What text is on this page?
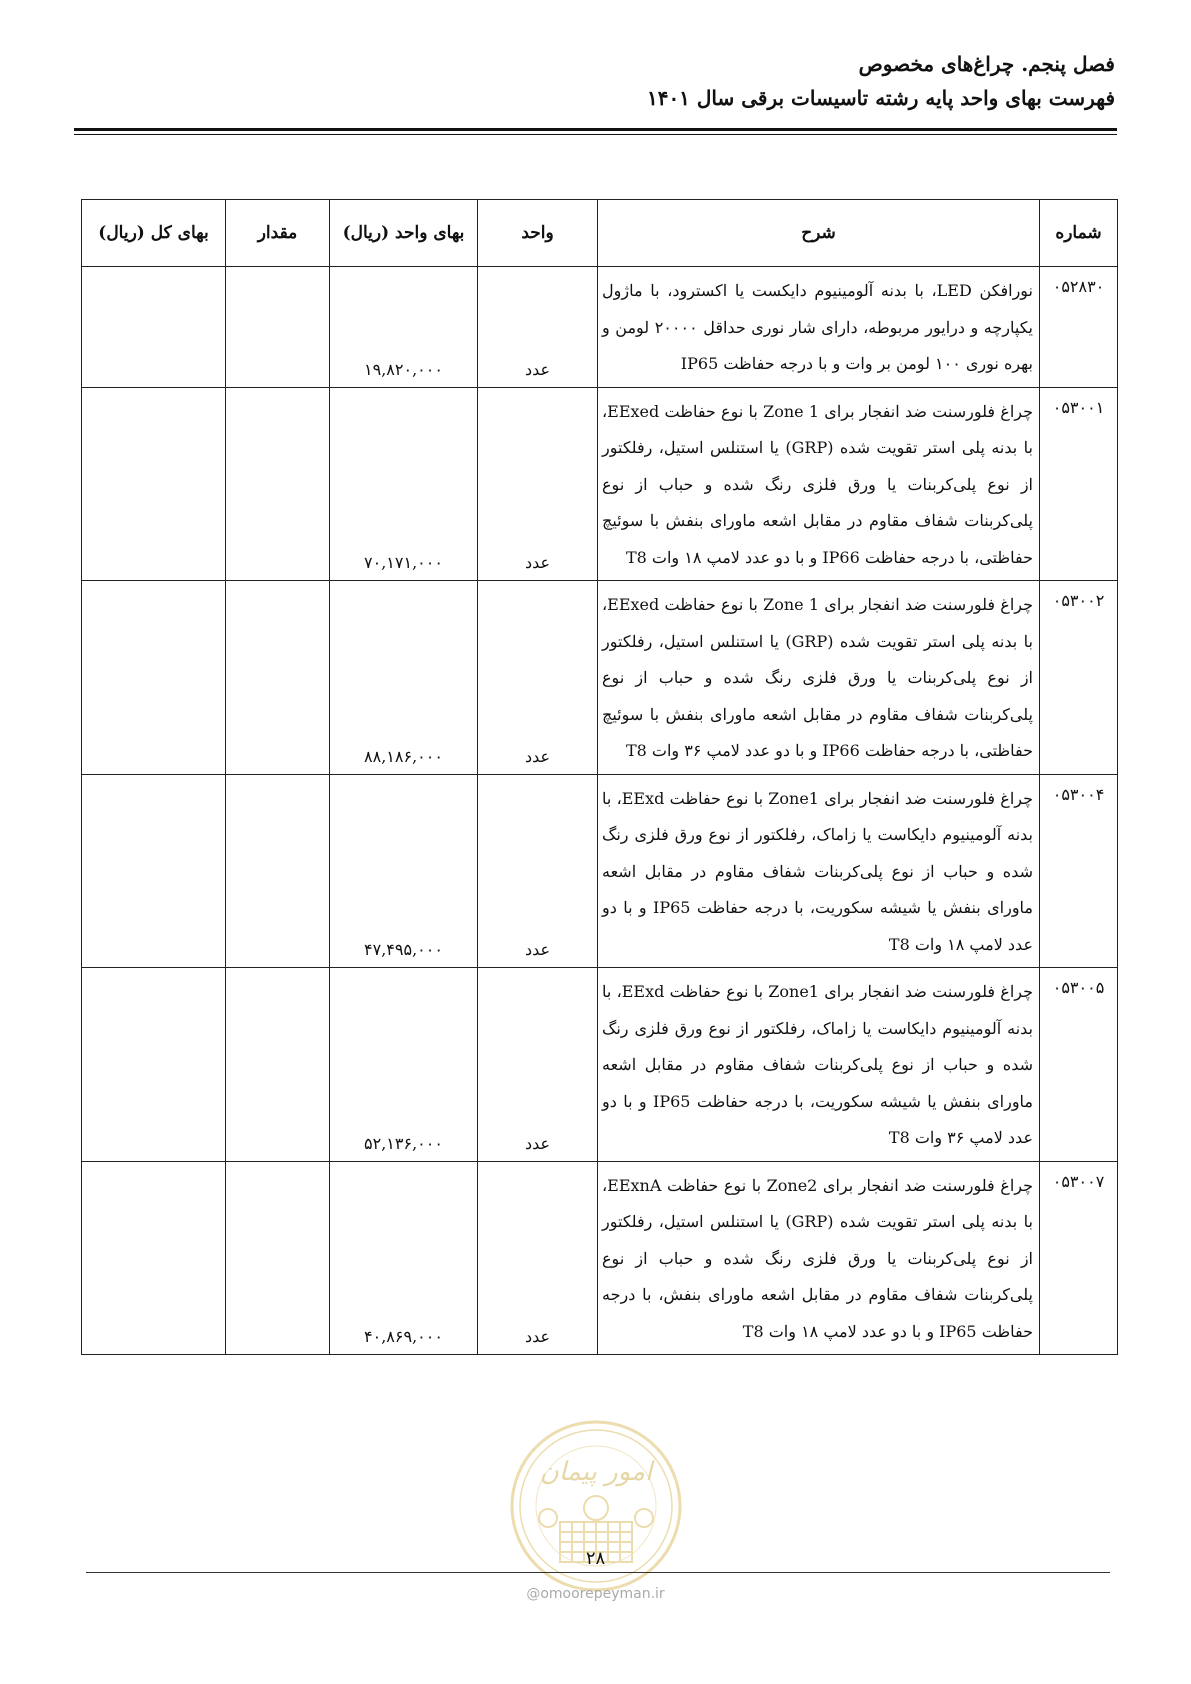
فصل پنجم. چراغ‌های مخصوص
فهرست بهای واحد پایه رشته تاسیسات برقی سال ۱۴۰۱
شماره	شرح	واحد	بهای واحد (ریال)	مقدار	بهای کل (ریال)
۰۵۲۸۳۰	نورافکن LED، با بدنه آلومینیوم دایکست یا اکسترود، با ماژول یکپارچه و درایور مربوطه، دارای شار نوری حداقل ۲۰۰۰۰ لومن و بهره نوری ۱۰۰ لومن بر وات و با درجه حفاظت IP65	عدد	۱۹,۸۲۰,۰۰۰		
۰۵۳۰۰۱	چراغ فلورسنت ضد انفجار برای Zone 1 با نوع حفاظت EExed، با بدنه پلی استر تقویت شده (GRP) یا استنلس استیل، رفلکتور از نوع پلی‌کربنات یا ورق فلزی رنگ شده و حباب از نوع پلی‌کربنات شفاف مقاوم در مقابل اشعه ماورای بنفش با سوئیچ حفاظتی، با درجه حفاظت IP66 و با دو عدد لامپ ۱۸ وات T8	عدد	۷۰,۱۷۱,۰۰۰		
۰۵۳۰۰۲	چراغ فلورسنت ضد انفجار برای Zone 1 با نوع حفاظت EExed، با بدنه پلی استر تقویت شده (GRP) یا استنلس استیل، رفلکتور از نوع پلی‌کربنات یا ورق فلزی رنگ شده و حباب از نوع پلی‌کربنات شفاف مقاوم در مقابل اشعه ماورای بنفش با سوئیچ حفاظتی، با درجه حفاظت IP66 و با دو عدد لامپ ۳۶ وات T8	عدد	۸۸,۱۸۶,۰۰۰		
۰۵۳۰۰۴	چراغ فلورسنت ضد انفجار برای Zone1 با نوع حفاظت EExd، با بدنه آلومینیوم دایکاست یا زاماک، رفلکتور از نوع ورق فلزی رنگ شده و حباب از نوع پلی‌کربنات شفاف مقاوم در مقابل اشعه ماورای بنفش یا شیشه سکوریت، با درجه حفاظت IP65 و با دو عدد لامپ ۱۸ وات T8	عدد	۴۷,۴۹۵,۰۰۰		
۰۵۳۰۰۵	چراغ فلورسنت ضد انفجار برای Zone1 با نوع حفاظت EExd، با بدنه آلومینیوم دایکاست یا زاماک، رفلکتور از نوع ورق فلزی رنگ شده و حباب از نوع پلی‌کربنات شفاف مقاوم در مقابل اشعه ماورای بنفش یا شیشه سکوریت، با درجه حفاظت IP65 و با دو عدد لامپ ۳۶ وات T8	عدد	۵۲,۱۳۶,۰۰۰		
۰۵۳۰۰۷	چراغ فلورسنت ضد انفجار برای Zone2 با نوع حفاظت EExnA، با بدنه پلی استر تقویت شده (GRP) یا استنلس استیل، رفلکتور از نوع پلی‌کربنات یا ورق فلزی رنگ شده و حباب از نوع پلی‌کربنات شفاف مقاوم در مقابل اشعه ماورای بنفش، با درجه حفاظت IP65 و با دو عدد لامپ ۱۸ وات T8	عدد	۴۰,۸۶۹,۰۰۰		
امور پیمان
۲۸
@omoorepeyman.ir
